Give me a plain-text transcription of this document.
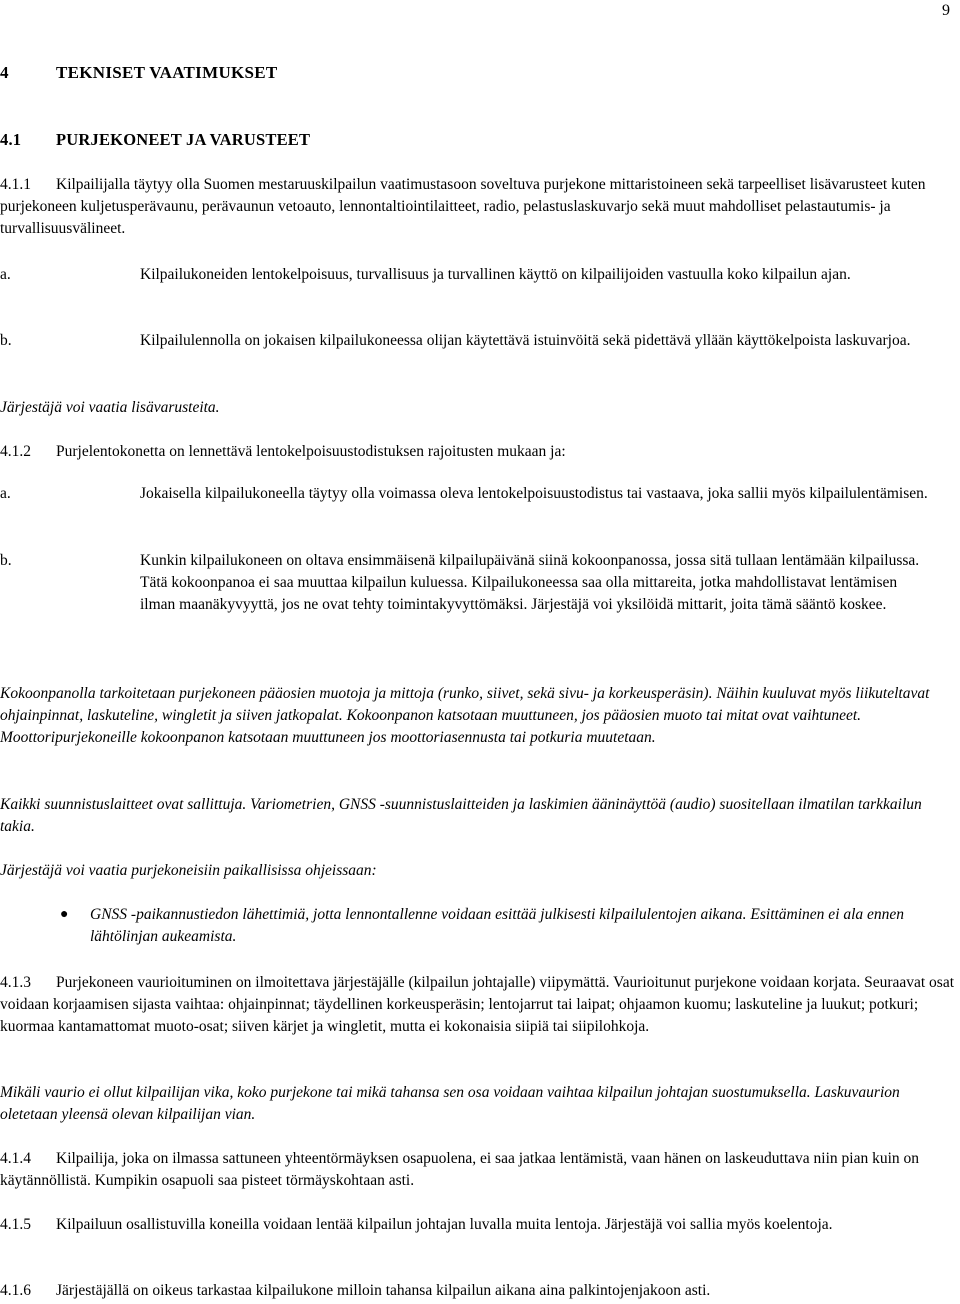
9
4	TEKNISET VAATIMUKSET
4.1 PURJEKONEET JA VARUSTEET
4.1.1 Kilpailijalla täytyy olla Suomen mestaruuskilpailun vaatimustasoon soveltuva purjekone mittaristoineen sekä tarpeelliset lisävarusteet kuten purjekoneen kuljetusperävaunu, perävaunun vetoauto, lennontaltiointilaitteet, radio, pelastuslaskuvarjo sekä muut mahdolliset pelastautumis- ja turvallisuusvälineet.
a.	Kilpailukoneiden lentokelpoisuus, turvallisuus ja turvallinen käyttö on kilpailijoiden vastuulla koko kilpailun ajan.
b.	Kilpailulennolla on jokaisen kilpailukoneessa olijan käytettävä istuinvöitä sekä pidettävä yllään käyttökelpoista laskuvarjoa.
Järjestäjä voi vaatia lisävarusteita.
4.1.2 Purjelentokonetta on lennettävä lentokelpoisuustodistuksen rajoitusten mukaan ja:
a.	Jokaisella kilpailukoneella täytyy olla voimassa oleva lentokelpoisuustodistus tai vastaava, joka sallii myös kilpailulentämisen.
b.	Kunkin kilpailukoneen on oltava ensimmäisenä kilpailupäivänä siinä kokoonpanossa, jossa sitä tullaan lentämään kilpailussa. Tätä kokoonpanoa ei saa muuttaa kilpailun kuluessa. Kilpailukoneessa saa olla mittareita, jotka mahdollistavat lentämisen ilman maanäkyvyyttä, jos ne ovat tehty toimintakyvyttömäksi. Järjestäjä voi yksilöidä mittarit, joita tämä sääntö koskee.
Kokoonpanolla tarkoitetaan purjekoneen pääosien muotoja ja mittoja (runko, siivet, sekä sivu- ja korkeusperäsin). Näihin kuuluvat myös liikuteltavat ohjainpinnat, laskuteline, wingletit ja siiven jatkopalat. Kokoonpanon katsotaan muuttuneen, jos pääosien muoto tai mitat ovat vaihtuneet. Moottoripurjekoneille kokoonpanon katsotaan muuttuneen jos moottoriasennusta tai potkuria muutetaan.
Kaikki suunnistuslaitteet ovat sallittuja. Variometrien, GNSS -suunnistuslaitteiden ja laskimien ääninäyttöä (audio) suositellaan ilmatilan tarkkailun takia.
Järjestäjä voi vaatia purjekoneisiin paikallisissa ohjeissaan:
● GNSS -paikannustiedon lähettimiä, jotta lennontallenne voidaan esittää julkisesti kilpailulentojen aikana. Esittäminen ei ala ennen lähtölinjan aukeamista.
4.1.3 Purjekoneen vaurioituminen on ilmoitettava järjestäjälle (kilpailun johtajalle) viipymättä. Vaurioitunut purjekone voidaan korjata. Seuraavat osat voidaan korjaamisen sijasta vaihtaa: ohjainpinnat; täydellinen korkeusperäsin; lentojarrut tai laipat; ohjaamon kuomu; laskuteline ja luukut; potkuri; kuormaa kantamattomat muoto-osat; siiven kärjet ja wingletit, mutta ei kokonaisia siipiä tai siipilohkoja.
Mikäli vaurio ei ollut kilpailijan vika, koko purjekone tai mikä tahansa sen osa voidaan vaihtaa kilpailun johtajan suostumuksella. Laskuvaurion oletetaan yleensä olevan kilpailijan vian.
4.1.4 Kilpailija, joka on ilmassa sattuneen yhteentörmäyksen osapuolena, ei saa jatkaa lentämistä, vaan hänen on laskeuduttava niin pian kuin on käytännöllistä. Kumpikin osapuoli saa pisteet törmäyskohtaan asti.
4.1.5 Kilpailuun osallistuvilla koneilla voidaan lentää kilpailun johtajan luvalla muita lentoja. Järjestäjä voi sallia myös koelentoja.
4.1.6 Järjestäjällä on oikeus tarkastaa kilpailukone milloin tahansa kilpailun aikana aina palkintojenjakoon asti.
